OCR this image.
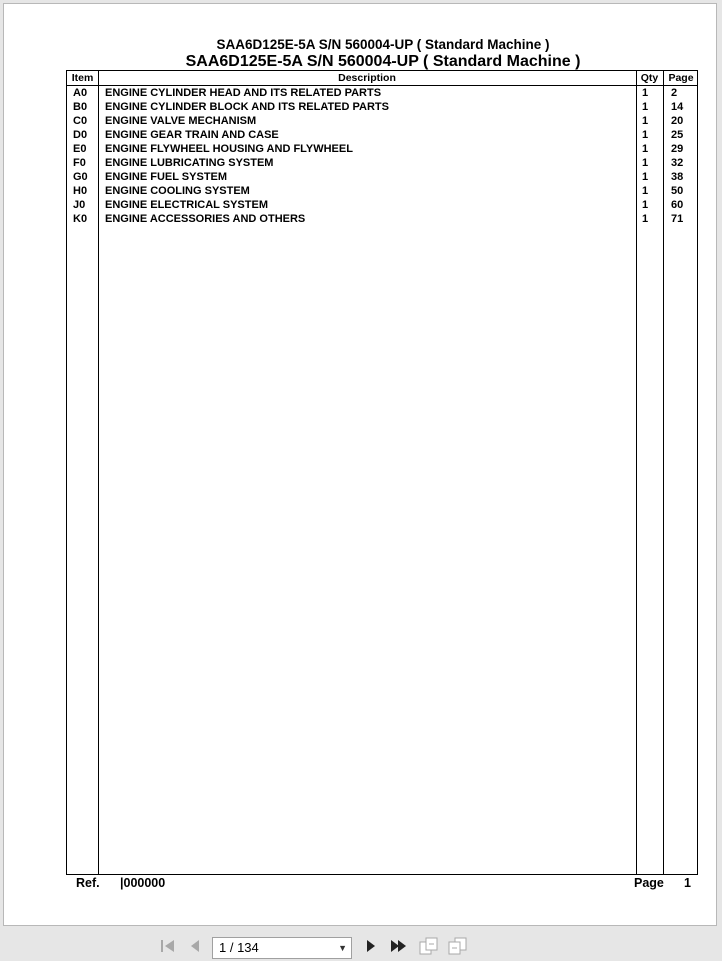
SAA6D125E-5A S/N 560004-UP ( Standard Machine )
SAA6D125E-5A S/N 560004-UP ( Standard Machine )
Item	Description	Qty Page
A0 ENGINE CYLINDER HEAD AND ITS RELATED PARTS	1 2
B0 ENGINE CYLINDER BLOCK AND ITS RELATED PARTS	1 14
C0 ENGINE VALVE MECHANISM	1 20
D0 ENGINE GEAR TRAIN AND CASE	1 25
E0 ENGINE FLYWHEEL HOUSING AND FLYWHEEL	1 29
F0 ENGINE LUBRICATING SYSTEM	1 32
G0 ENGINE FUEL SYSTEM	1 38
H0 ENGINE COOLING SYSTEM	1 50
J0 ENGINE ELECTRICAL SYSTEM	1 60
K0 ENGINE ACCESSORIES AND OTHERS	1 71
Ref. |000000	Page 1
1 / 134	▼
